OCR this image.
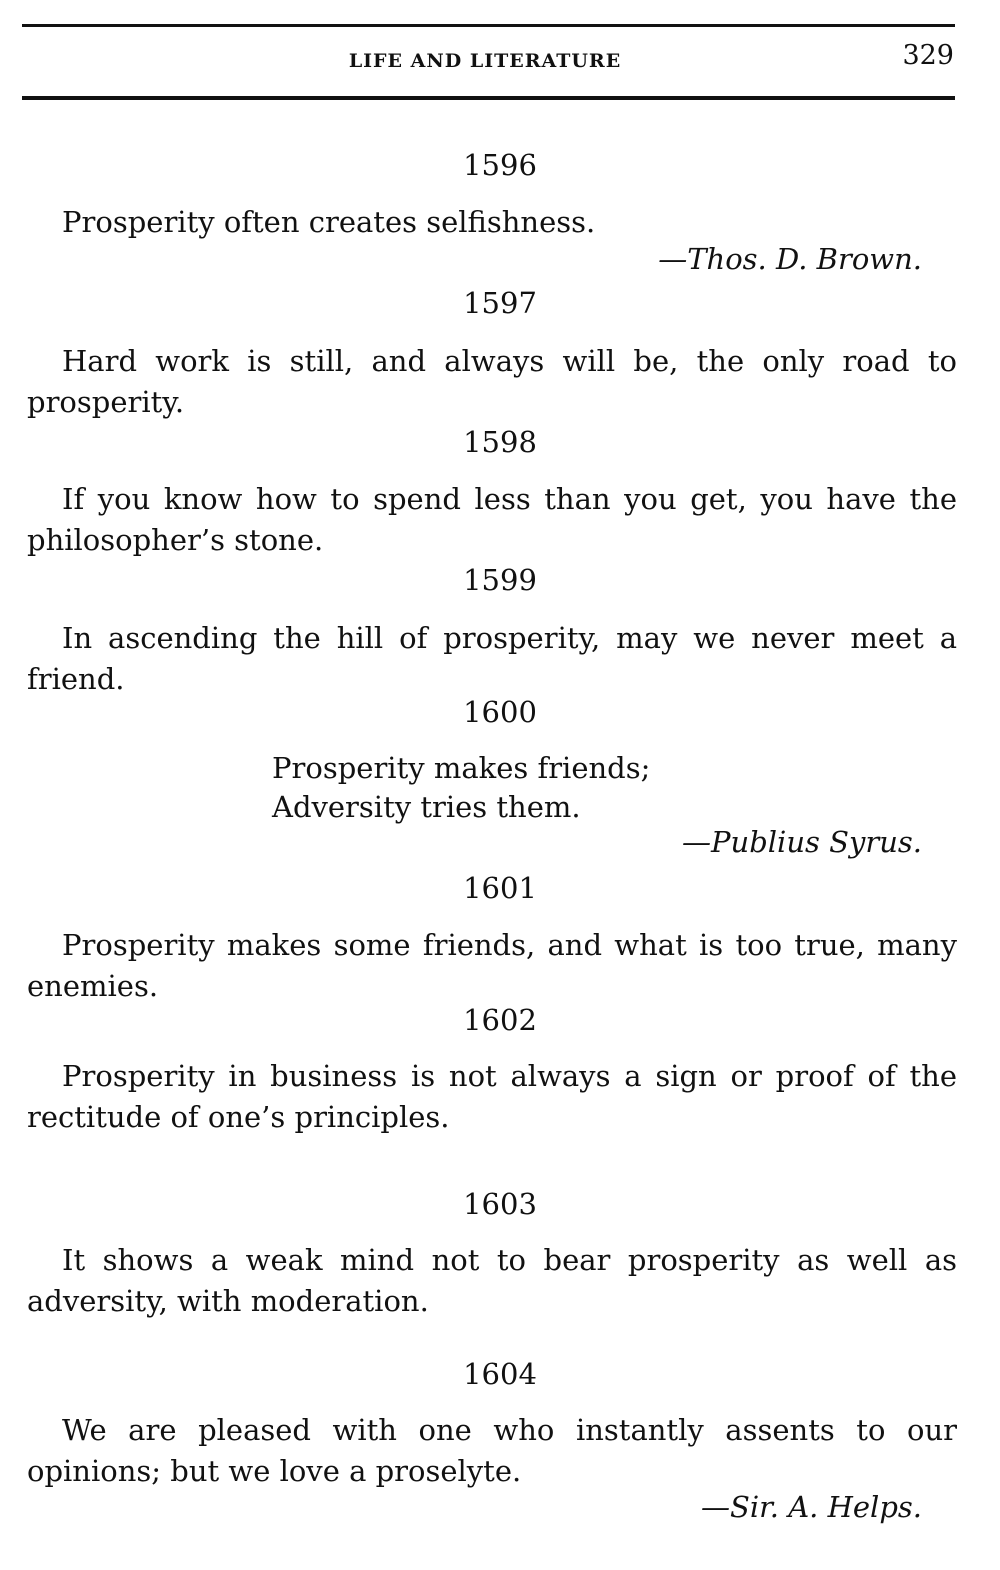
LIFE AND LITERATURE	329
1596
Prosperity often creates selfishness.
—Thos. D. Brown.
1597
Hard work is still, and always will be, the only road to prosperity.
1598
If you know how to spend less than you get, you have the philosopher’s stone.
1599
In ascending the hill of prosperity, may we never meet a friend.
1600
Prosperity makes friends;
Adversity tries them.
—Publius Syrus.
1601
Prosperity makes some friends, and what is too true, many enemies.
1602
Prosperity in business is not always a sign or proof of the rectitude of one’s principles.
1603
It shows a weak mind not to bear prosperity as well as adversity, with moderation.
1604
We are pleased with one who instantly assents to our opinions; but we love a proselyte.
—Sir. A. Helps.
